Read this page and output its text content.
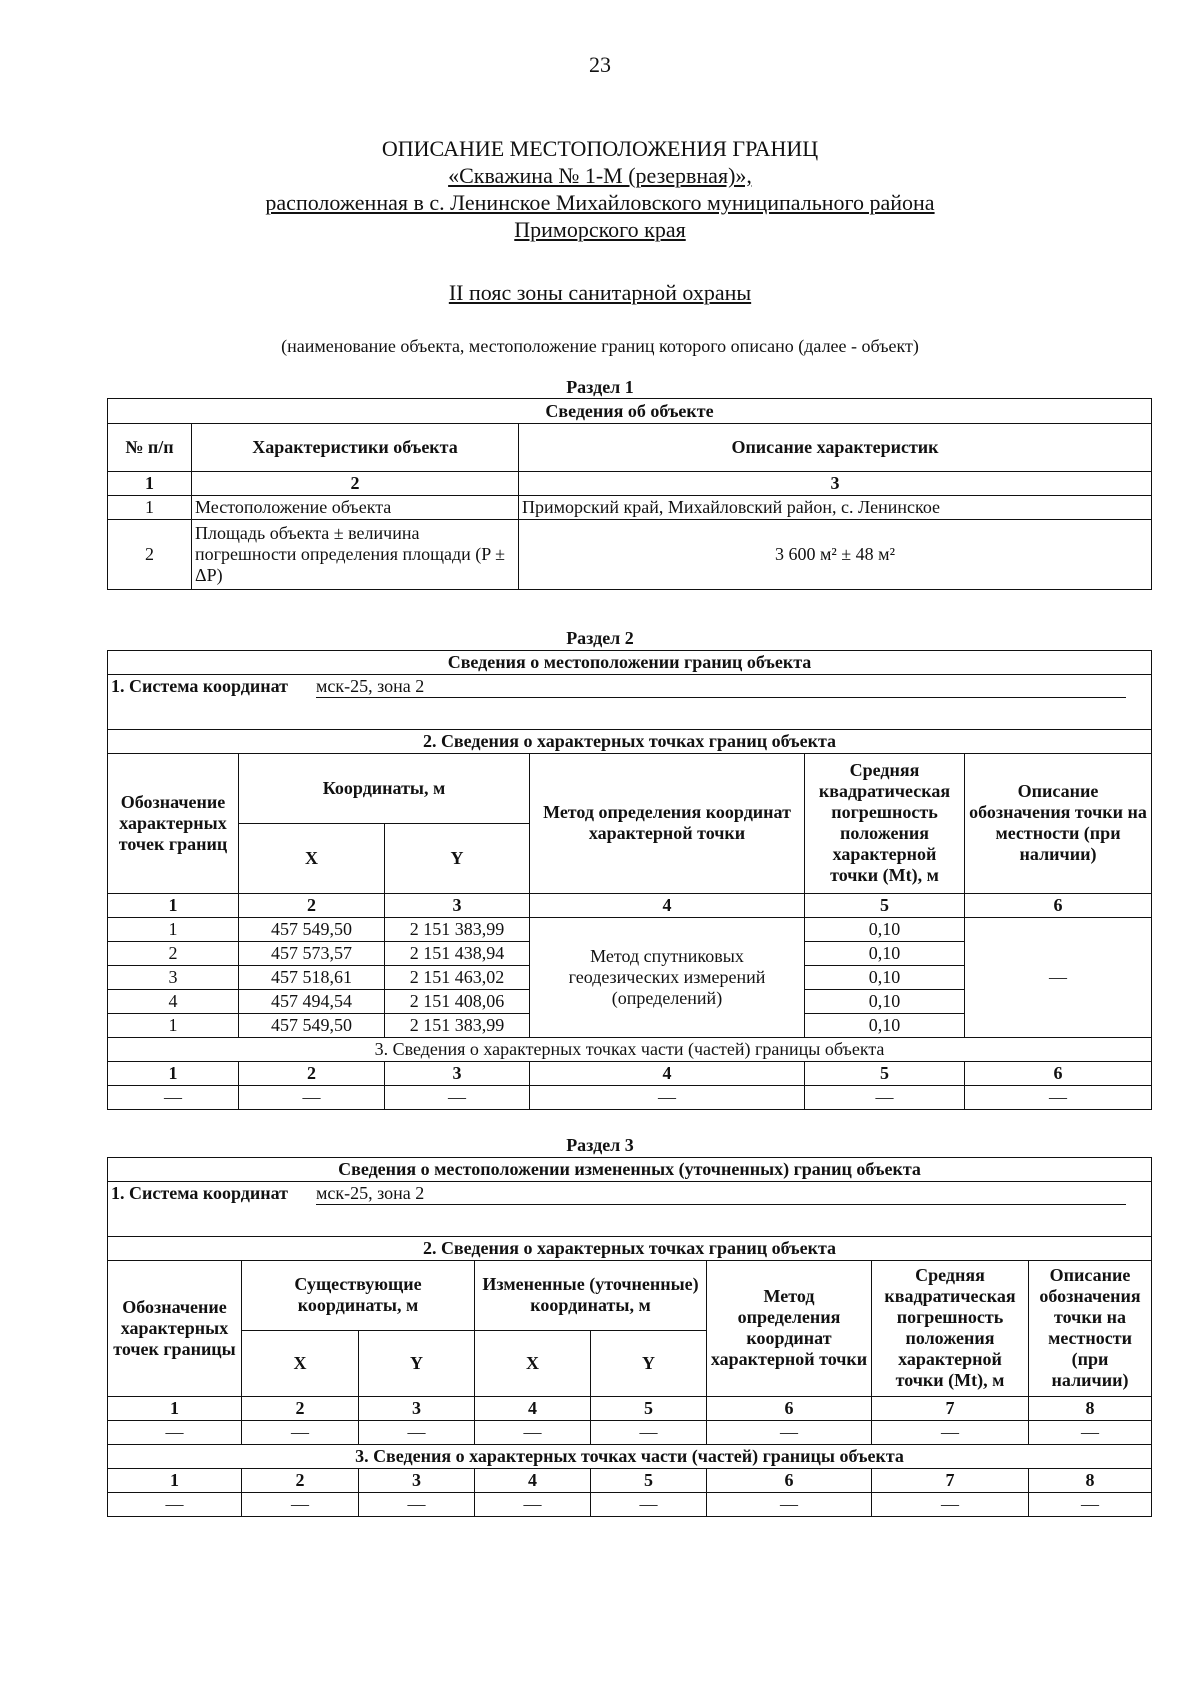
23
ОПИСАНИЕ МЕСТОПОЛОЖЕНИЯ ГРАНИЦ
«Скважина № 1-М (резервная)»,
расположенная в с. Ленинское Михайловского муниципального района
Приморского края
II пояс зоны санитарной охраны
(наименование объекта, местоположение границ которого описано (далее - объект)
Раздел 1
Сведения об объекте		
№ п/п	Характеристики объекта	Описание характеристик
1	2	3
1	Местоположение объекта	Приморский край, Михайловский район, с. Ленинское
2	Площадь объекта ± величина погрешности определения площади (P ± ΔP)	3 600 м² ± 48 м²
Раздел 2
Сведения о местоположении границ объекта					
1. Система координат мск-25, зона 2					

2. Сведения о характерных точках границ объекта					
Обозначение характерных точек границ	Координаты, м		Метод определения координат характерной точки	Средняя квадратическая погрешность положения характерной точки (Mt), м	Описание обозначения точки на местности (при наличии)
	X	Y			
1	2	3	4	5	6
1	457 549,50	2 151 383,99	Метод спутниковых геодезических измерений (определений)	0,10	—
2	457 573,57	2 151 438,94		0,10	
3	457 518,61	2 151 463,02		0,10	
4	457 494,54	2 151 408,06		0,10	
1	457 549,50	2 151 383,99		0,10	
3. Сведения о характерных точках части (частей) границы объекта					
1	2	3	4	5	6
—	—	—	—	—	—
Раздел 3
Сведения о местоположении измененных (уточненных) границ объекта							
1. Система координат мск-25, зона 2							

2. Сведения о характерных точках границ объекта							
Обозначение характерных точек границы	Существующие координаты, м		Измененные (уточненные) координаты, м		Метод определения координат характерной точки	Средняя квадратическая погрешность положения характерной точки (Mt), м	Описание обозначения точки на местности (при наличии)
	X	Y	X	Y			
1	2	3	4	5	6	7	8
—	—	—	—	—	—	—	—
3. Сведения о характерных точках части (частей) границы объекта							
1	2	3	4	5	6	7	8
—	—	—	—	—	—	—	—
